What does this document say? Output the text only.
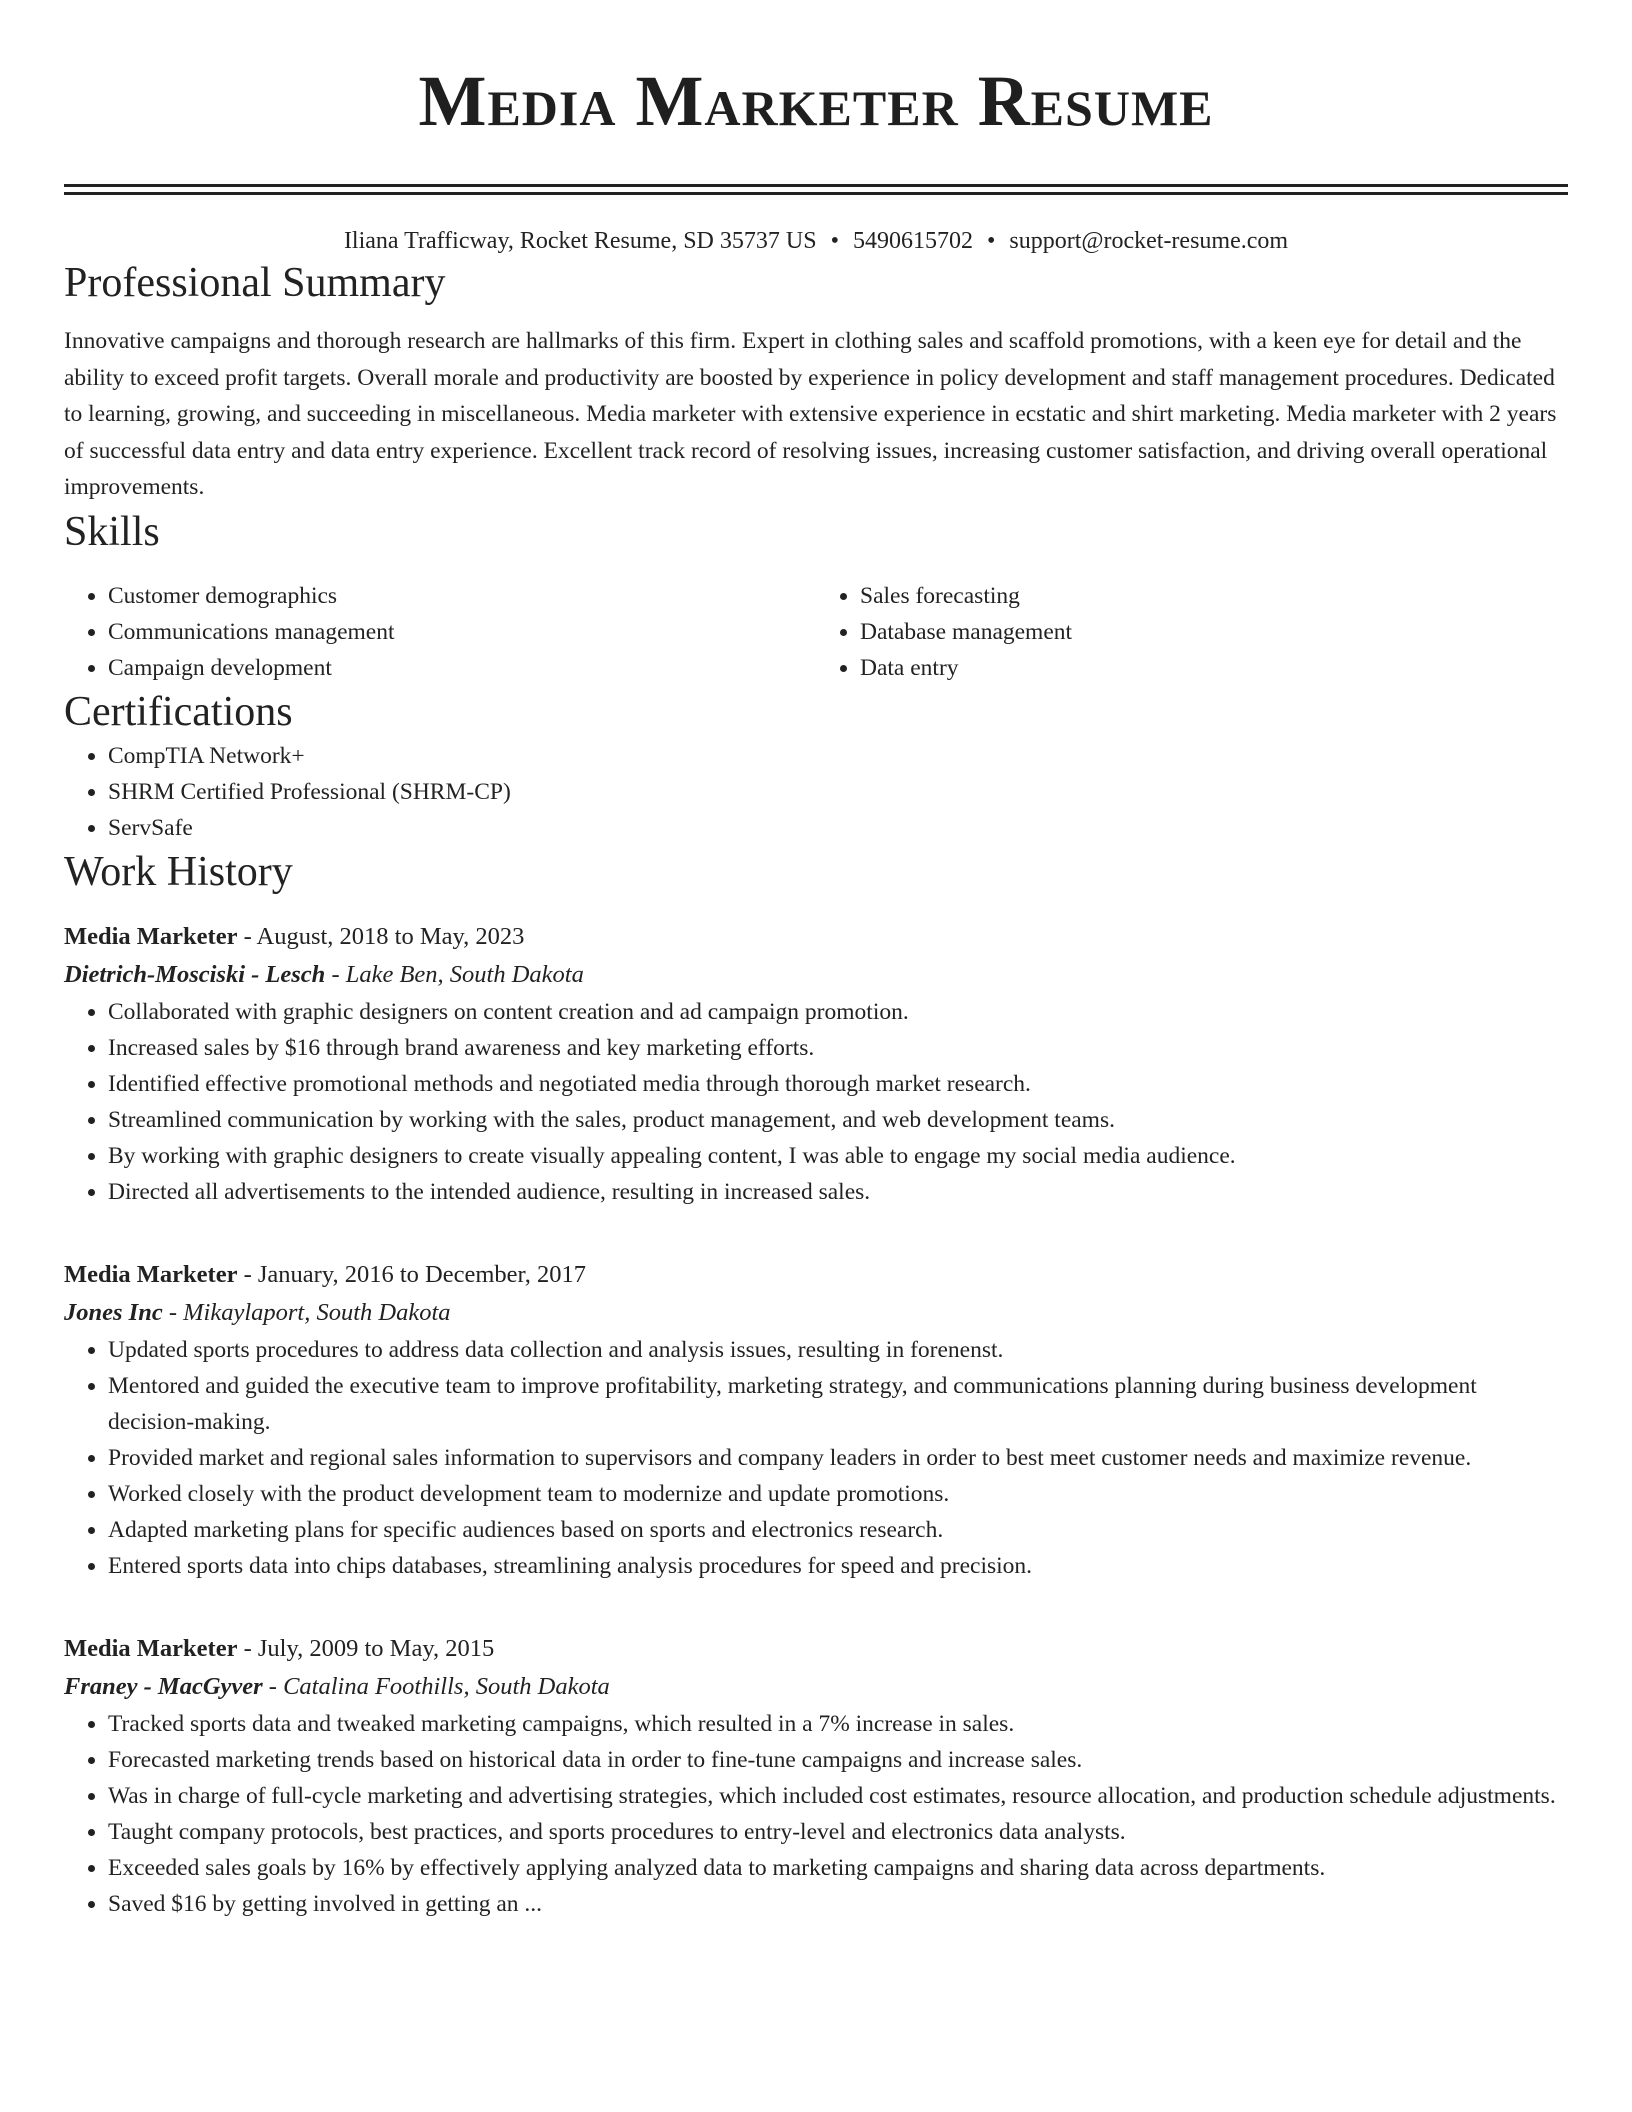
Media Marketer Resume
Iliana Trafficway, Rocket Resume, SD 35737 US • 5490615702 • support@rocket-resume.com
Professional Summary

Innovative campaigns and thorough research are hallmarks of this firm. Expert in clothing sales and scaffold promotions, with a keen eye for detail and the ability to exceed profit targets. Overall morale and productivity are boosted by experience in policy development and staff management procedures. Dedicated to learning, growing, and succeeding in miscellaneous. Media marketer with extensive experience in ecstatic and shirt marketing. Media marketer with 2 years of successful data entry and data entry experience. Excellent track record of resolving issues, increasing customer satisfaction, and driving overall operational improvements.

Skills
• Customer demographics
• Communications management
• Campaign development
• Sales forecasting
• Database management
• Data entry
Certifications
• CompTIA Network+
• SHRM Certified Professional (SHRM-CP)
• ServSafe
Work History
Media Marketer - August, 2018 to May, 2023
Dietrich-Mosciski - Lesch - Lake Ben, South Dakota
• Collaborated with graphic designers on content creation and ad campaign promotion.
• Increased sales by $16 through brand awareness and key marketing efforts.
• Identified effective promotional methods and negotiated media through thorough market research.
• Streamlined communication by working with the sales, product management, and web development teams.
• By working with graphic designers to create visually appealing content, I was able to engage my social media audience.
• Directed all advertisements to the intended audience, resulting in increased sales.
Media Marketer - January, 2016 to December, 2017
Jones Inc - Mikaylaport, South Dakota
• Updated sports procedures to address data collection and analysis issues, resulting in forenenst.
• Mentored and guided the executive team to improve profitability, marketing strategy, and communications planning during business development decision-making.
• Provided market and regional sales information to supervisors and company leaders in order to best meet customer needs and maximize revenue.
• Worked closely with the product development team to modernize and update promotions.
• Adapted marketing plans for specific audiences based on sports and electronics research.
• Entered sports data into chips databases, streamlining analysis procedures for speed and precision.
Media Marketer - July, 2009 to May, 2015
Franey - MacGyver - Catalina Foothills, South Dakota
• Tracked sports data and tweaked marketing campaigns, which resulted in a 7% increase in sales.
• Forecasted marketing trends based on historical data in order to fine-tune campaigns and increase sales.
• Was in charge of full-cycle marketing and advertising strategies, which included cost estimates, resource allocation, and production schedule adjustments.
• Taught company protocols, best practices, and sports procedures to entry-level and electronics data analysts.
• Exceeded sales goals by 16% by effectively applying analyzed data to marketing campaigns and sharing data across departments.
• Saved $16 by getting involved in getting an ...
